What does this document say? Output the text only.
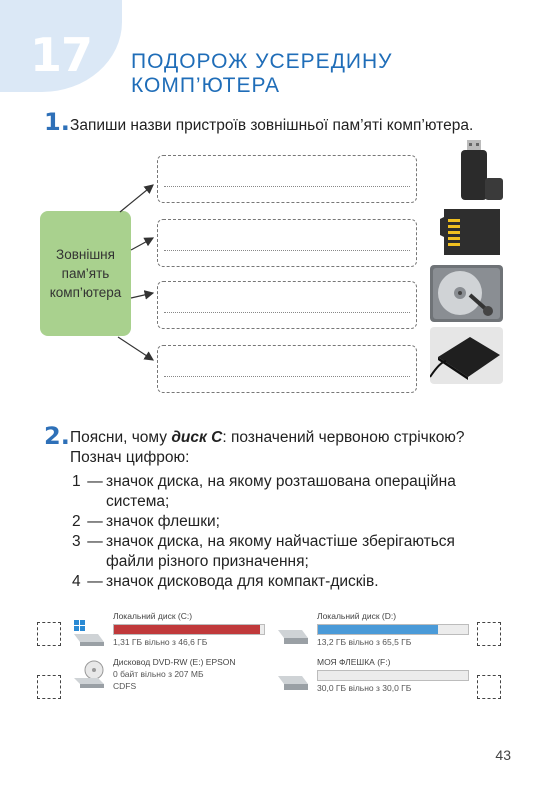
17 ПОДОРОЖ УСЕРЕДИНУ
КОМП’ЮТЕРА
1. Запиши назви пристроїв зовнішньої пам’яті комп’ютера.
Зовнішня
пам’ять
комп’ютера
2. Поясни, чому диск С: позначений червоною стрічкою?
Познач цифрою:
1 — значок диска, на якому розташована операційна
система;
2 — значок флешки;
3 — значок диска, на якому найчастіше зберігаються
файли різного призначення;
4 — значок дисковода для компакт-дисків.
Локальний диск (C:)
1,31 ГБ вільно з 46,6 ГБ
Локальний диск (D:)
13,2 ГБ вільно з 65,5 ГБ
Дисковод DVD-RW (E:) EPSON
0 байт вільно з 207 МБ
CDFS
МОЯ ФЛЕШКА (F:)
30,0 ГБ вільно з 30,0 ГБ
43
